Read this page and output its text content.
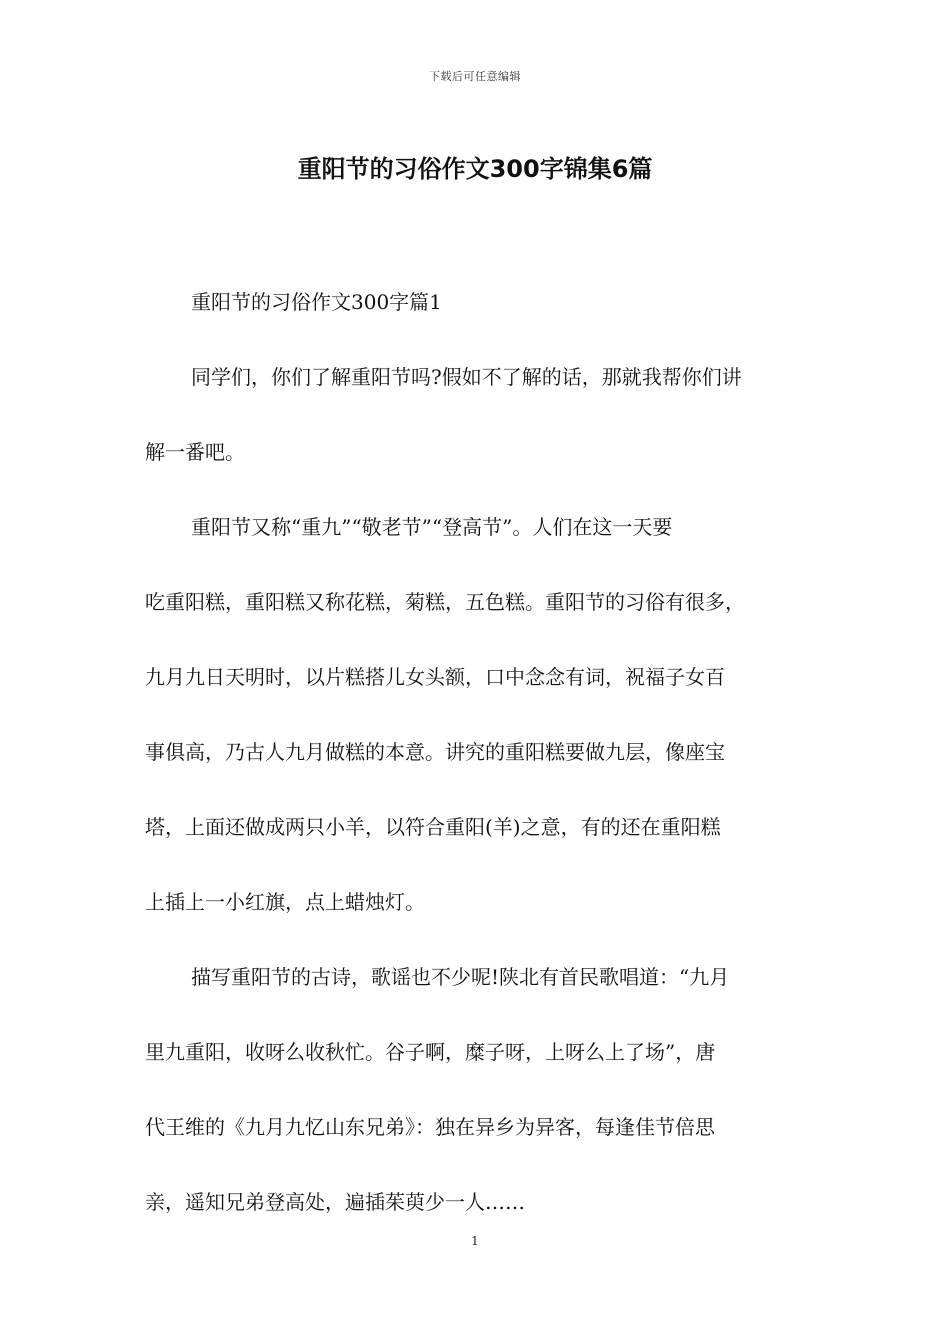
下载后可任意编辑
重阳节的习俗作文300字锦集6篇
重阳节的习俗作文300字篇1
同学们，你们了解重阳节吗?假如不了解的话，那就我帮你们讲
解一番吧。
重阳节又称“重九”“敬老节”“登高节”。人们在这一天要
吃重阳糕，重阳糕又称花糕，菊糕，五色糕。重阳节的习俗有很多，
九月九日天明时，以片糕搭儿女头额，口中念念有词，祝福子女百
事俱高，乃古人九月做糕的本意。讲究的重阳糕要做九层，像座宝
塔，上面还做成两只小羊，以符合重阳(羊)之意，有的还在重阳糕
上插上一小红旗，点上蜡烛灯。
描写重阳节的古诗，歌谣也不少呢!陕北有首民歌唱道：“九月
里九重阳，收呀么收秋忙。谷子啊，糜子呀，上呀么上了场”，唐
代王维的《九月九忆山东兄弟》：独在异乡为异客，每逢佳节倍思
亲，遥知兄弟登高处，遍插茱萸少一人……
1
